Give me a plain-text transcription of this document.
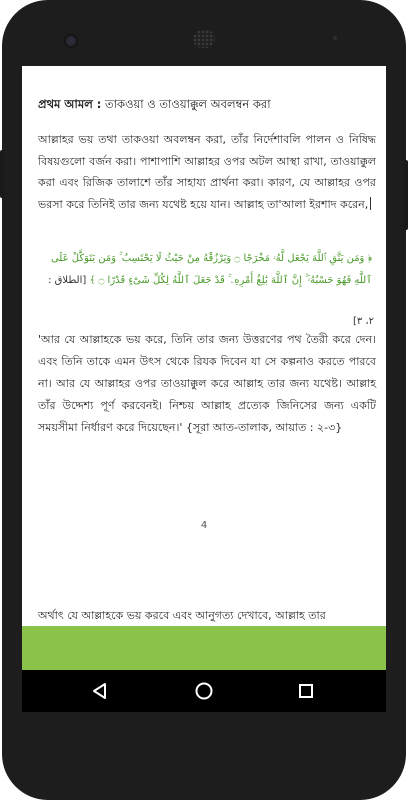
প্রথম আমল : তাকওয়া ও তাওয়াক্কুল অবলম্বন করা
আল্লাহর ভয় তথা তাকওয়া অবলম্বন করা, তাঁর নির্দেশাবলি পালন ও নিষিদ্ধ বিষয়গুলো বর্জন করা। পাশাপাশি আল্লাহর ওপর অটল আস্থা রাখা, তাওয়াক্কুল করা এবং রিজিক তালাশে তাঁর সাহায্য প্রার্থনা করা। কারণ, যে আল্লাহর ওপর ভরসা করে তিনিই তার জন্য যথেষ্ট হয়ে যান। আল্লাহ তা'আলা ইরশাদ করেন,
﴿ وَمَن يَتَّقِ ٱللَّهَ يَجْعَل لَّهُۥ مَخْرَجًا ۝ وَيَرْزُقْهُ مِنْ حَيْثُ لَا يَحْتَسِبُ ۚ وَمَن يَتَوَكَّلْ عَلَى ٱللَّهِ فَهُوَ حَسْبُهُۥٓ ۚ إِنَّ ٱللَّهَ بَٰلِغُ أَمْرِهِۦ ۚ قَدْ جَعَلَ ٱللَّهُ لِكُلِّ شَىْءٍ قَدْرًا ۝ ﴾ [الطلاق :
٢، ٣]
'আর যে আল্লাহকে ভয় করে, তিনি তার জন্য উত্তরণের পথ তৈরী করে দেন। এবং তিনি তাকে এমন উৎস থেকে রিযক দিবেন যা সে কল্পনাও করতে পারবে না। আর যে আল্লাহর ওপর তাওয়াক্কুল করে আল্লাহ তার জন্য যথেষ্ট। আল্লাহ তাঁর উদ্দেশ্য পূর্ণ করবেনই। নিশ্চয় আল্লাহ প্রত্যেক জিনিসের জন্য একটি সময়সীমা নির্ধারণ করে দিয়েছেন।' {সূরা আত-তালাক, আয়াত : ২-৩}
4
অর্থাৎ যে আল্লাহকে ভয় করবে এবং আনুগত্য দেখাবে, আল্লাহ তার
